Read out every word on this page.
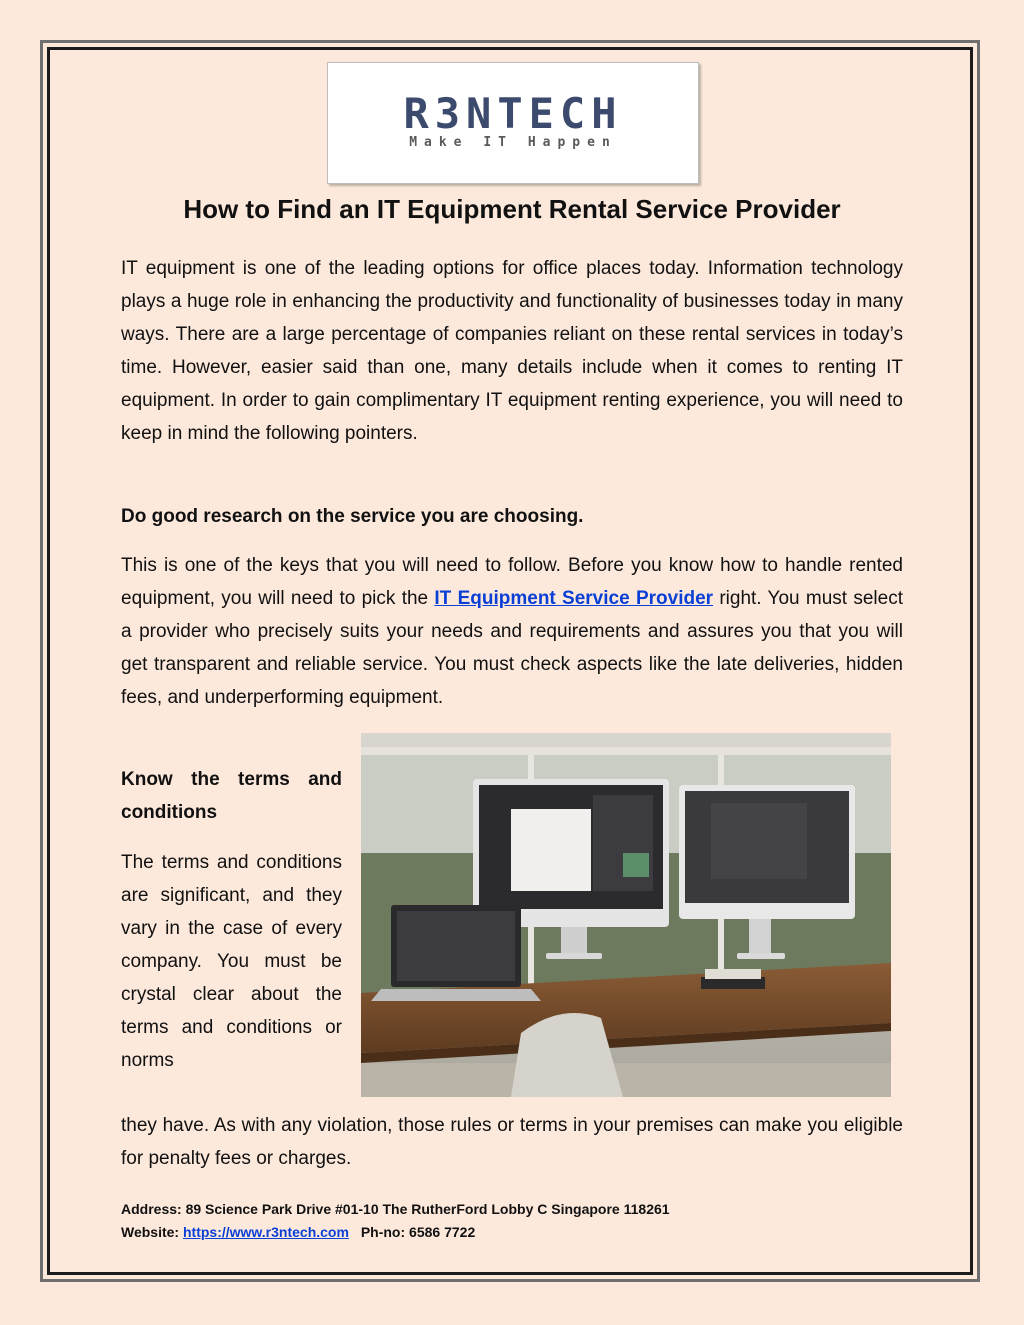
R3NTECH
Make IT Happen
How to Find an IT Equipment Rental Service Provider

IT equipment is one of the leading options for office places today. Information technology plays a huge role in enhancing the productivity and functionality of businesses today in many ways. There are a large percentage of companies reliant on these rental services in today’s time. However, easier said than one, many details include when it comes to renting IT equipment. In order to gain complimentary IT equipment renting experience, you will need to keep in mind the following pointers.

Do good research on the service you are choosing.

This is one of the keys that you will need to follow. Before you know how to handle rented equipment, you will need to pick the IT Equipment Service Provider right. You must select a provider who precisely suits your needs and requirements and assures you that you will get transparent and reliable service. You must check aspects like the late deliveries, hidden fees, and underperforming equipment.

Know the terms and conditions

The terms and conditions are significant, and they vary in the case of every company. You must be crystal clear about the terms and conditions or norms

they have. As with any violation, those rules or terms in your premises can make you eligible for penalty fees or charges.

Address: 89 Science Park Drive #01-10 The RutherFord Lobby C Singapore 118261
Website: https://www.r3ntech.com Ph-no: 6586 7722
